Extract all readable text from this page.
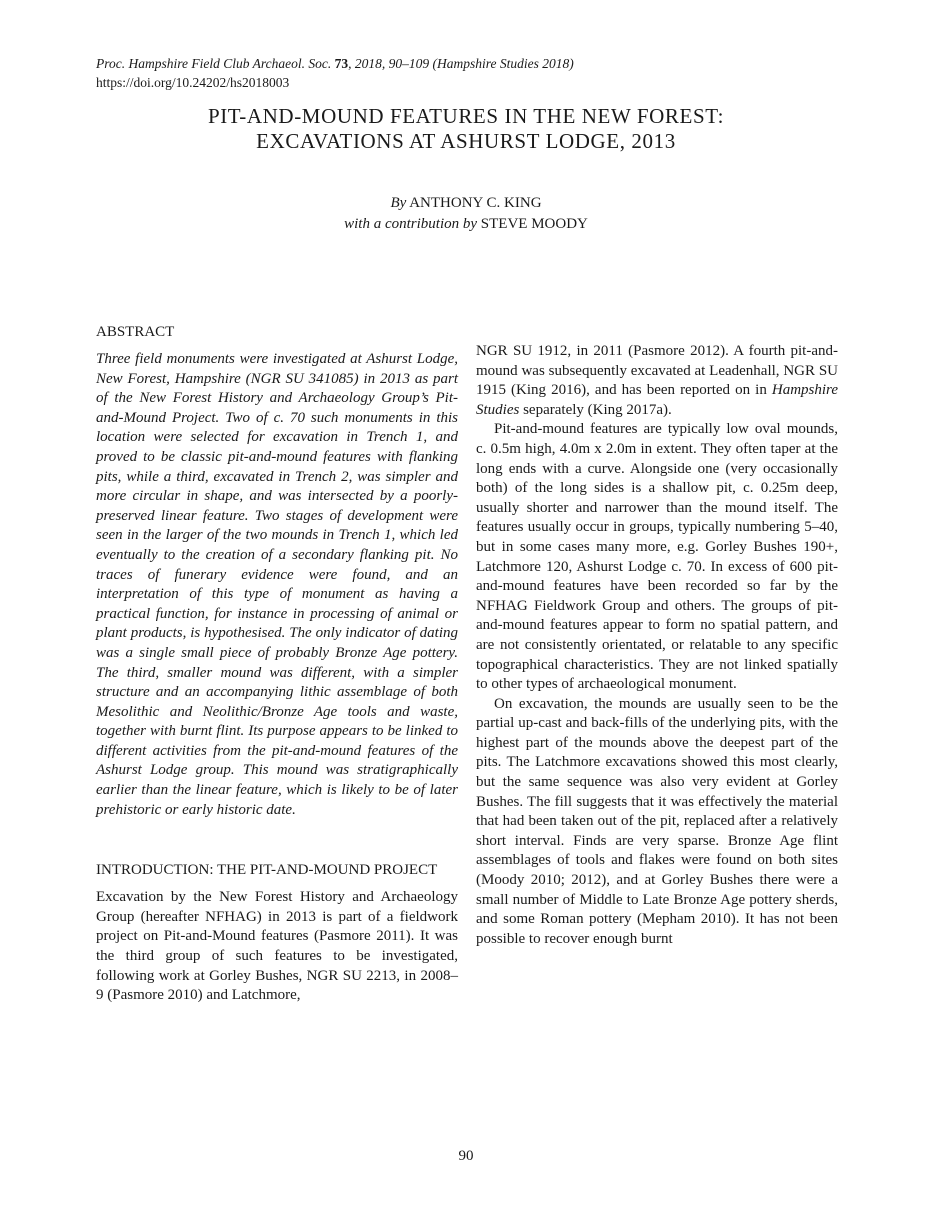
Proc. Hampshire Field Club Archaeol. Soc. 73, 2018, 90–109 (Hampshire Studies 2018)
https://doi.org/10.24202/hs2018003
PIT-AND-MOUND FEATURES IN THE NEW FOREST:
EXCAVATIONS AT ASHURST LODGE, 2013
By ANTHONY C. KING
with a contribution by STEVE MOODY
ABSTRACT

Three field monuments were investigated at Ashurst Lodge, New Forest, Hampshire (NGR SU 341085) in 2013 as part of the New Forest History and Archaeology Group’s Pit-and-Mound Project. Two of c. 70 such monuments in this location were selected for excavation in Trench 1, and proved to be classic pit-and-mound features with flanking pits, while a third, excavated in Trench 2, was simpler and more circular in shape, and was intersected by a poorly-preserved linear feature. Two stages of development were seen in the larger of the two mounds in Trench 1, which led eventually to the creation of a secondary flanking pit. No traces of funerary evidence were found, and an interpretation of this type of monument as having a practical function, for instance in processing of animal or plant products, is hypothesised. The only indicator of dating was a single small piece of probably Bronze Age pottery. The third, smaller mound was different, with a simpler structure and an accompanying lithic assemblage of both Mesolithic and Neolithic/Bronze Age tools and waste, together with burnt flint. Its purpose appears to be linked to different activities from the pit-and-mound features of the Ashurst Lodge group. This mound was stratigraphically earlier than the linear feature, which is likely to be of later prehistoric or early historic date.

INTRODUCTION: THE PIT-AND-MOUND PROJECT

Excavation by the New Forest History and Archaeology Group (hereafter NFHAG) in 2013 is part of a fieldwork project on Pit-and-Mound features (Pasmore 2011). It was the third group of such features to be investigated, following work at Gorley Bushes, NGR SU 2213, in 2008–9 (Pasmore 2010) and Latchmore,

NGR SU 1912, in 2011 (Pasmore 2012). A fourth pit-and-mound was subsequently excavated at Leadenhall, NGR SU 1915 (King 2016), and has been reported on in Hampshire Studies separately (King 2017a).

Pit-and-mound features are typically low oval mounds, c. 0.5m high, 4.0m x 2.0m in extent. They often taper at the long ends with a curve. Alongside one (very occasionally both) of the long sides is a shallow pit, c. 0.25m deep, usually shorter and narrower than the mound itself. The features usually occur in groups, typically numbering 5–40, but in some cases many more, e.g. Gorley Bushes 190+, Latchmore 120, Ashurst Lodge c. 70. In excess of 600 pit-and-mound features have been recorded so far by the NFHAG Fieldwork Group and others. The groups of pit-and-mound features appear to form no spatial pattern, and are not consistently orientated, or relatable to any specific topographical characteristics. They are not linked spatially to other types of archaeological monument.

On excavation, the mounds are usually seen to be the partial up-cast and back-fills of the underlying pits, with the highest part of the mounds above the deepest part of the pits. The Latchmore excavations showed this most clearly, but the same sequence was also very evident at Gorley Bushes. The fill suggests that it was effectively the material that had been taken out of the pit, replaced after a relatively short interval. Finds are very sparse. Bronze Age flint assemblages of tools and flakes were found on both sites (Moody 2010; 2012), and at Gorley Bushes there were a small number of Middle to Late Bronze Age pottery sherds, and some Roman pottery (Mepham 2010). It has not been possible to recover enough burnt

90
